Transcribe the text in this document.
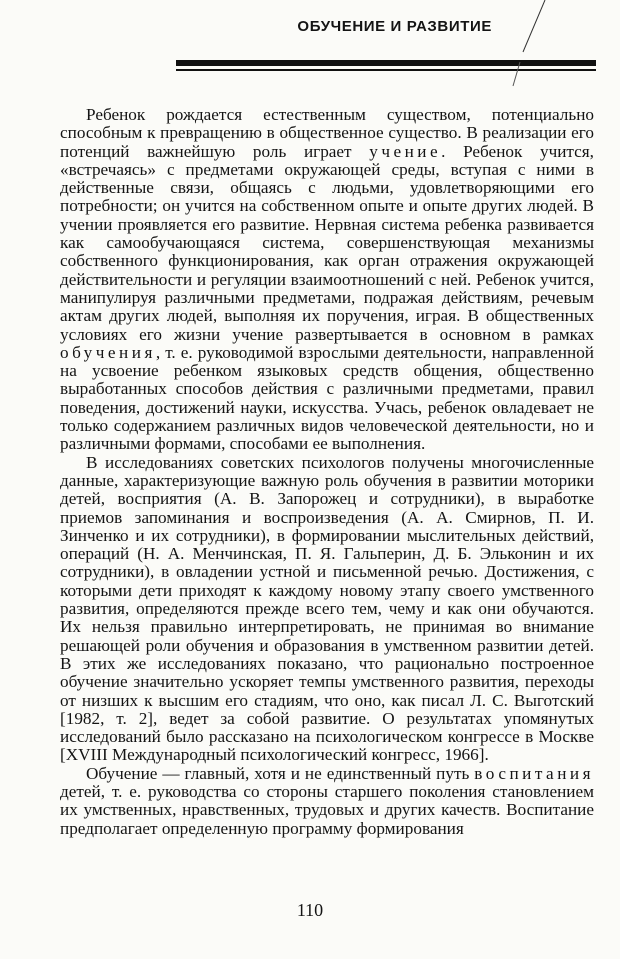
ОБУЧЕНИЕ И РАЗВИТИЕ

Ребенок рождается естественным существом, потенциально способным к превращению в общественное существо. В реализации его потенций важнейшую роль играет учение. Ребенок учится, «встречаясь» с предметами окружающей среды, вступая с ними в действенные связи, общаясь с людьми, удовлетворяющими его потребности; он учится на собственном опыте и опыте других людей. В учении проявляется его развитие. Нервная система ребенка развивается как самообучающаяся система, совершенствующая механизмы собственного функционирования, как орган отражения окружающей действительности и регуляции взаимоотношений с ней. Ребенок учится, манипулируя различными предметами, подражая действиям, речевым актам других людей, выполняя их поручения, играя. В общественных условиях его жизни учение развертывается в основном в рамках обучения, т. е. руководимой взрослыми деятельности, направленной на усвоение ребенком языковых средств общения, общественно выработанных способов действия с различными предметами, правил поведения, достижений науки, искусства. Учась, ребенок овладевает не только содержанием различных видов человеческой деятельности, но и различными формами, способами ее выполнения.

В исследованиях советских психологов получены многочисленные данные, характеризующие важную роль обучения в развитии моторики детей, восприятия (А. В. Запорожец и сотрудники), в выработке приемов запоминания и воспроизведения (А. А. Смирнов, П. И. Зинченко и их сотрудники), в формировании мыслительных действий, операций (Н. А. Менчинская, П. Я. Гальперин, Д. Б. Эльконин и их сотрудники), в овладении устной и письменной речью. Достижения, с которыми дети приходят к каждому новому этапу своего умственного развития, определяются прежде всего тем, чему и как они обучаются. Их нельзя правильно интерпретировать, не принимая во внимание решающей роли обучения и образования в умственном развитии детей. В этих же исследованиях показано, что рационально построенное обучение значительно ускоряет темпы умственного развития, переходы от низших к высшим его стадиям, что оно, как писал Л. С. Выготский [1982, т. 2], ведет за собой развитие. О результатах упомянутых исследований было рассказано на психологическом конгрессе в Москве [XVIII Международный психологический конгресс, 1966].

Обучение — главный, хотя и не единственный путь воспитания детей, т. е. руководства со стороны старшего поколения становлением их умственных, нравственных, трудовых и других качеств. Воспитание предполагает определенную программу формирования

110
